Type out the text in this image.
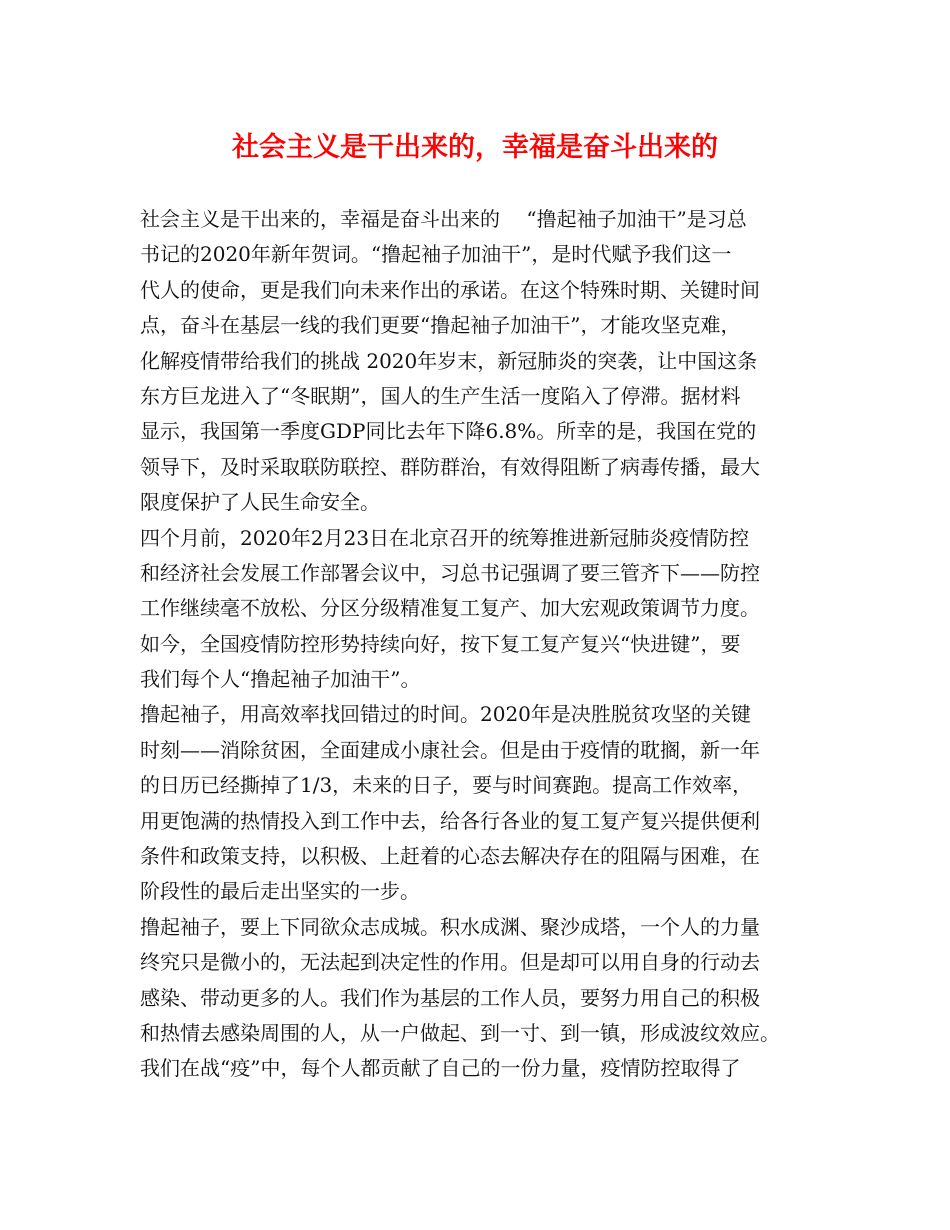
社会主义是干出来的，幸福是奋斗出来的
社会主义是干出来的，幸福是奋斗出来的　 “撸起袖子加油干”是习总
书记的2020年新年贺词。“撸起袖子加油干”，是时代赋予我们这一
代人的使命，更是我们向未来作出的承诺。在这个特殊时期、关键时间
点，奋斗在基层一线的我们更要“撸起袖子加油干”，才能攻坚克难，
化解疫情带给我们的挑战 2020年岁末，新冠肺炎的突袭，让中国这条
东方巨龙进入了“冬眠期”，国人的生产生活一度陷入了停滞。据材料
显示，我国第一季度GDP同比去年下降6.8%。所幸的是，我国在党的
领导下，及时采取联防联控、群防群治，有效得阻断了病毒传播，最大
限度保护了人民生命安全。
四个月前，2020年2月23日在北京召开的统筹推进新冠肺炎疫情防控
和经济社会发展工作部署会议中，习总书记强调了要三管齐下——防控
工作继续毫不放松、分区分级精准复工复产、加大宏观政策调节力度。
如今，全国疫情防控形势持续向好，按下复工复产复兴“快进键”，要
我们每个人“撸起袖子加油干”。
撸起袖子，用高效率找回错过的时间。2020年是决胜脱贫攻坚的关键
时刻——消除贫困，全面建成小康社会。但是由于疫情的耽搁，新一年
的日历已经撕掉了1/3，未来的日子，要与时间赛跑。提高工作效率，
用更饱满的热情投入到工作中去，给各行各业的复工复产复兴提供便利
条件和政策支持，以积极、上赶着的心态去解决存在的阻隔与困难，在
阶段性的最后走出坚实的一步。
撸起袖子，要上下同欲众志成城。积水成渊、聚沙成塔，一个人的力量
终究只是微小的，无法起到决定性的作用。但是却可以用自身的行动去
感染、带动更多的人。我们作为基层的工作人员，要努力用自己的积极
和热情去感染周围的人，从一户做起、到一寸、到一镇，形成波纹效应。
我们在战“疫”中，每个人都贡献了自己的一份力量，疫情防控取得了
